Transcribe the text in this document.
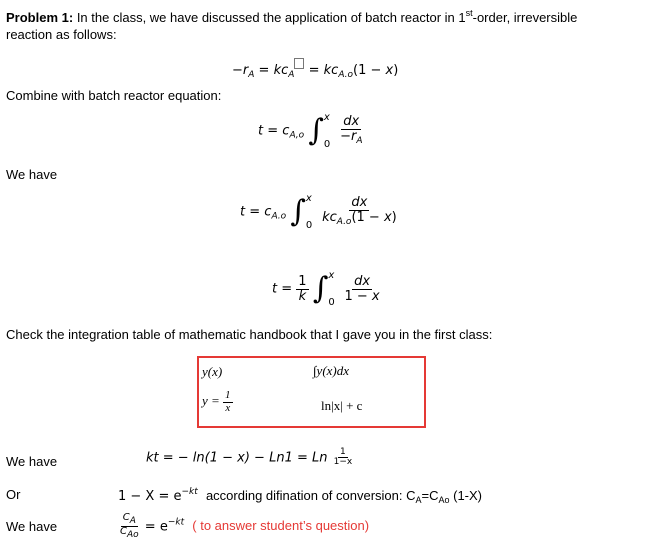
Problem 1: In the class, we have discussed the application of batch reactor in 1st-order, irreversible
reaction as follows:
$-r_A = kc_A = kc_{A.o}(1 - x)$
Combine with batch reactor equation:
$t = c_{A,o}$ ∫ x
0
$\frac{dx}{-r_A}$
We have
$t = c_{A.o}$ ∫ x
0
$\frac{dx}{kc_{A.o}(1 - x)}$
$t = \frac{1}{k}$ ∫ x
0
$\frac{dx}{1 - x}$
Check the integration table of mathematic handbook that I gave you in the first class:
y(x)	∫y(x)dx
$y = \frac{1}{x}$	ln|x| + c
We have	kt = − ln(1 − x) − Ln1 = Ln $\frac{1}{1-x}$
Or	$1 - X = e^{-kt}$ according difination of conversion: $C_A=C_{Ao}$ (1-X)
We have	$\frac{CA}{\text{CAo}} = e^{-kt}$ ( to answer student’s question)
